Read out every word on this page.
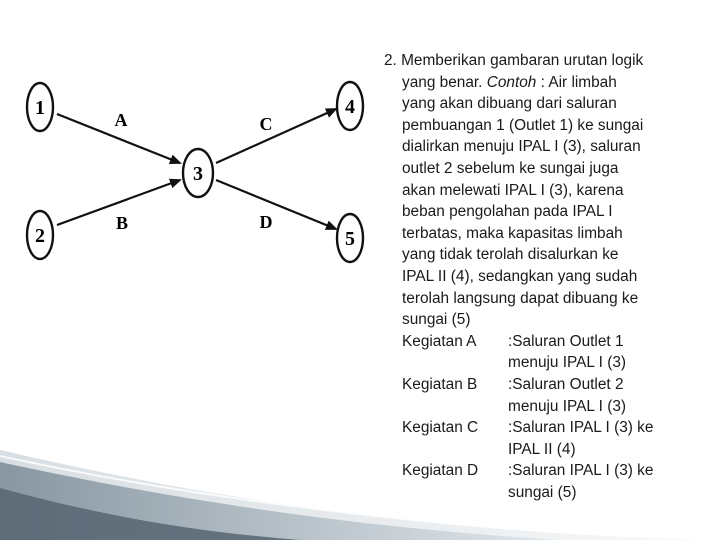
1
2
3
4
5
A
B
C
D
2. Memberikan gambaran urutan logik
yang benar. Contoh : Air limbah
yang akan dibuang dari saluran
pembuangan 1 (Outlet 1) ke sungai
dialirkan menuju IPAL I (3), saluran
outlet 2 sebelum ke sungai juga
akan melewati IPAL I (3), karena
beban pengolahan pada IPAL I
terbatas, maka kapasitas limbah
yang tidak terolah disalurkan ke
IPAL II (4), sedangkan yang sudah
terolah langsung dapat dibuang ke
sungai (5)
Kegiatan A	:Saluran Outlet 1
menuju IPAL I (3)
Kegiatan B	:Saluran Outlet 2
menuju IPAL I (3)
Kegiatan C	:Saluran IPAL I (3) ke
IPAL II (4)
Kegiatan D	:Saluran IPAL I (3) ke
sungai (5)
